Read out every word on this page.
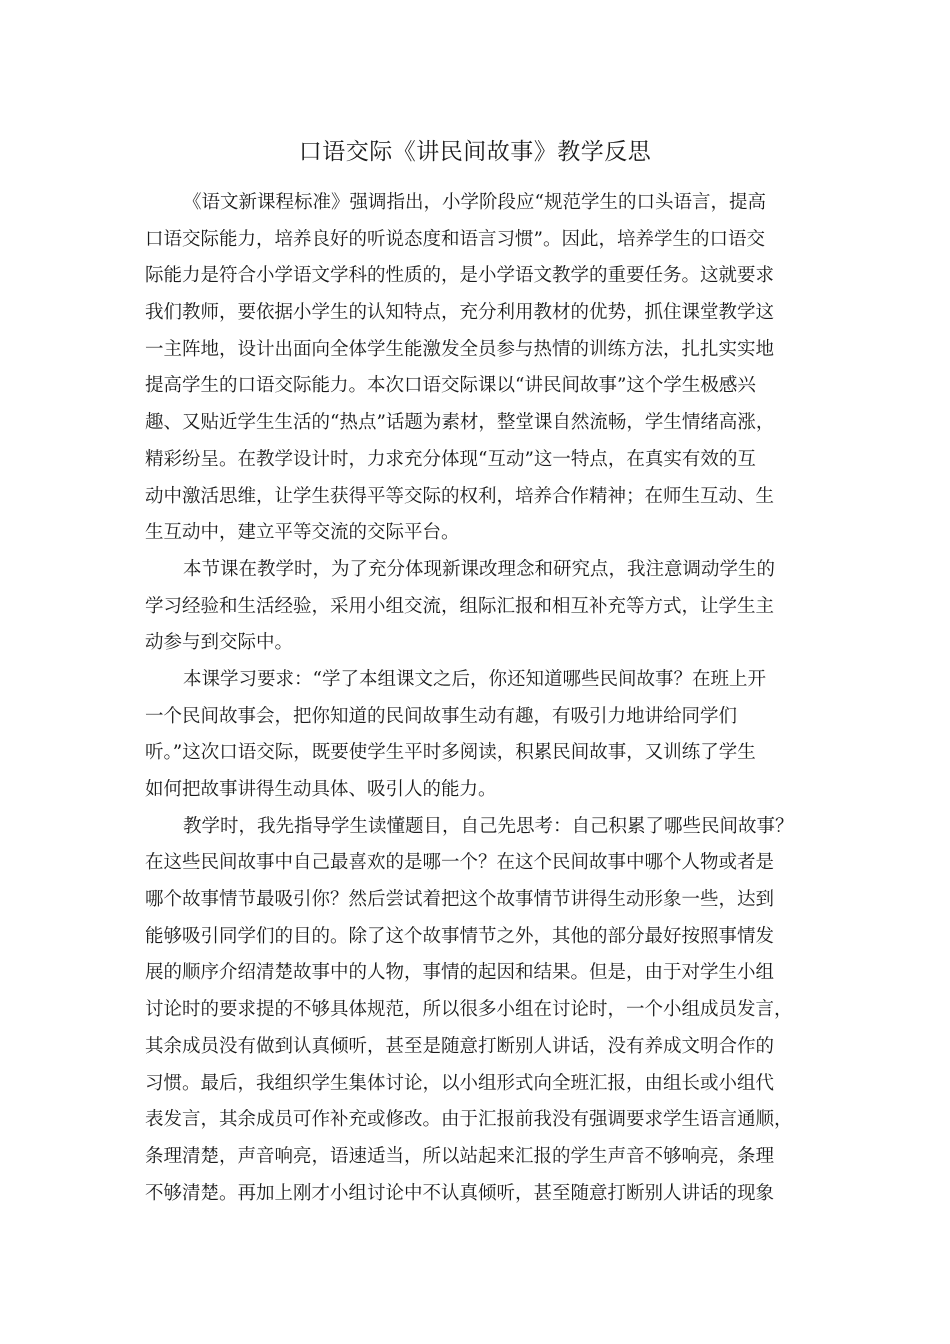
口语交际《讲民间故事》教学反思
《语文新课程标准》强调指出，小学阶段应“规范学生的口头语言，提高
口语交际能力，培养良好的听说态度和语言习惯”。因此，培养学生的口语交
际能力是符合小学语文学科的性质的，是小学语文教学的重要任务。这就要求
我们教师，要依据小学生的认知特点，充分利用教材的优势，抓住课堂教学这
一主阵地，设计出面向全体学生能激发全员参与热情的训练方法，扎扎实实地
提高学生的口语交际能力。本次口语交际课以“讲民间故事”这个学生极感兴
趣、又贴近学生生活的“热点”话题为素材，整堂课自然流畅，学生情绪高涨，
精彩纷呈。在教学设计时，力求充分体现“互动”这一特点，在真实有效的互
动中激活思维，让学生获得平等交际的权利，培养合作精神；在师生互动、生
生互动中，建立平等交流的交际平台。
本节课在教学时，为了充分体现新课改理念和研究点，我注意调动学生的
学习经验和生活经验，采用小组交流，组际汇报和相互补充等方式，让学生主
动参与到交际中。
本课学习要求：“学了本组课文之后，你还知道哪些民间故事？在班上开
一个民间故事会，把你知道的民间故事生动有趣，有吸引力地讲给同学们
听。”这次口语交际，既要使学生平时多阅读，积累民间故事，又训练了学生
如何把故事讲得生动具体、吸引人的能力。
教学时，我先指导学生读懂题目，自己先思考：自己积累了哪些民间故事？
在这些民间故事中自己最喜欢的是哪一个？在这个民间故事中哪个人物或者是
哪个故事情节最吸引你？然后尝试着把这个故事情节讲得生动形象一些，达到
能够吸引同学们的目的。除了这个故事情节之外，其他的部分最好按照事情发
展的顺序介绍清楚故事中的人物，事情的起因和结果。但是，由于对学生小组
讨论时的要求提的不够具体规范，所以很多小组在讨论时，一个小组成员发言，
其余成员没有做到认真倾听，甚至是随意打断别人讲话，没有养成文明合作的
习惯。最后，我组织学生集体讨论，以小组形式向全班汇报，由组长或小组代
表发言，其余成员可作补充或修改。由于汇报前我没有强调要求学生语言通顺，
条理清楚，声音响亮，语速适当，所以站起来汇报的学生声音不够响亮，条理
不够清楚。再加上刚才小组讨论中不认真倾听，甚至随意打断别人讲话的现象
